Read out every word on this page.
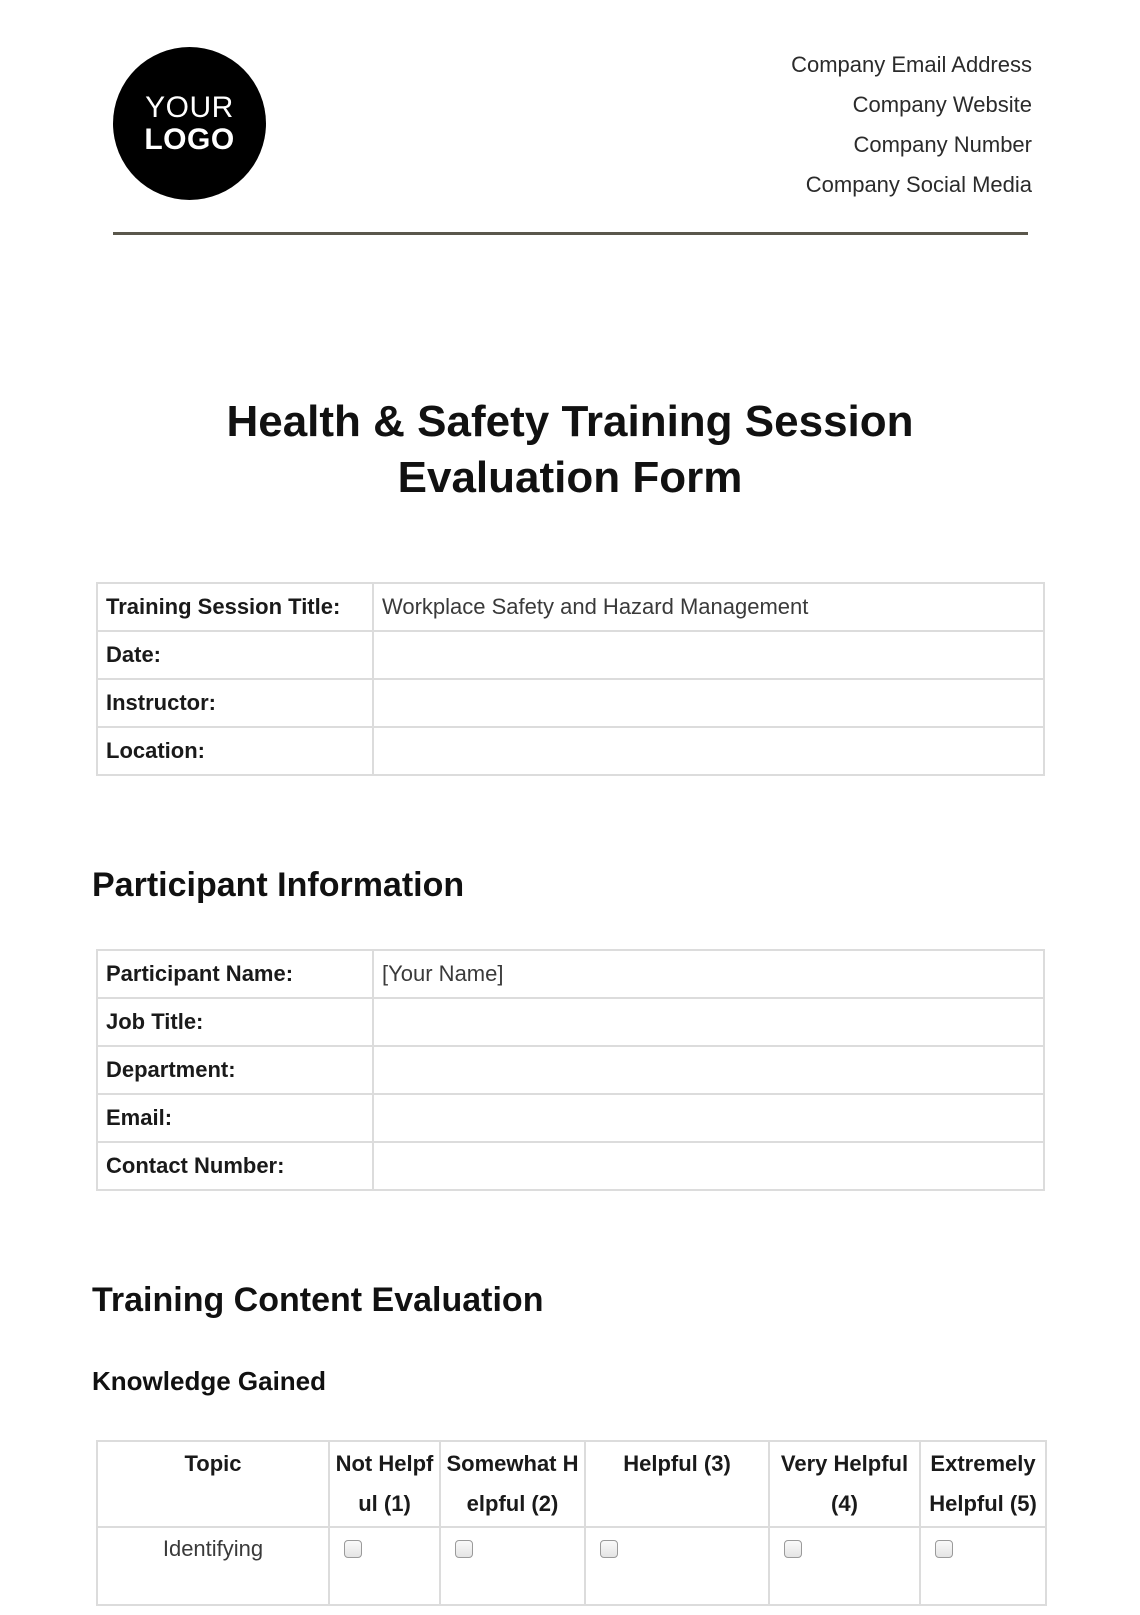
YOUR
LOGO
Company Email Address
Company Website
Company Number
Company Social Media
Health & Safety Training Session
Evaluation Form
Training Session Title:	Workplace Safety and Hazard Management
Date:	
Instructor:	
Location:	
Participant Information
Participant Name:	[Your Name]
Job Title:	
Department:	
Email:	
Contact Number:	
Training Content Evaluation
Knowledge Gained
Topic	Not Helpful (1)	Somewhat Helpful (2)	Helpful (3)	Very Helpful (4)	Extremely Helpful (5)
Identifying					
